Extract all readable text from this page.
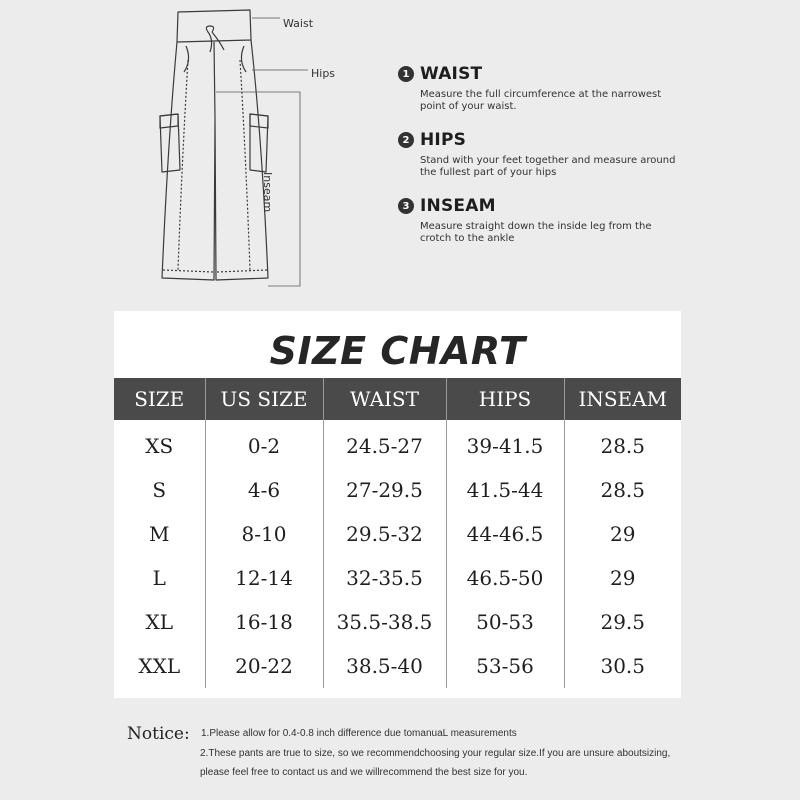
Waist
Hips
Inseam
1 WAIST
Measure the full circumference at the narrowest
point of your waist.
2 HIPS
Stand with your feet together and measure around
the fullest part of your hips
3 INSEAM
Measure straight down the inside leg from the
crotch to the ankle
SIZE CHART
SIZE	US SIZE	WAIST	HIPS	INSEAM
XS	0-2	24.5-27	39-41.5	28.5
S	4-6	27-29.5	41.5-44	28.5
M	8-10	29.5-32	44-46.5	29
L	12-14	32-35.5	46.5-50	29
XL	16-18	35.5-38.5	50-53	29.5
XXL	20-22	38.5-40	53-56	30.5
Notice: 1.Please allow for 0.4-0.8 inch difference due tomanuaL measurements
2.These pants are true to size, so we recommendchoosing your regular size.If you are unsure aboutsizing,
please feel free to contact us and we willrecommend the best size for you.
